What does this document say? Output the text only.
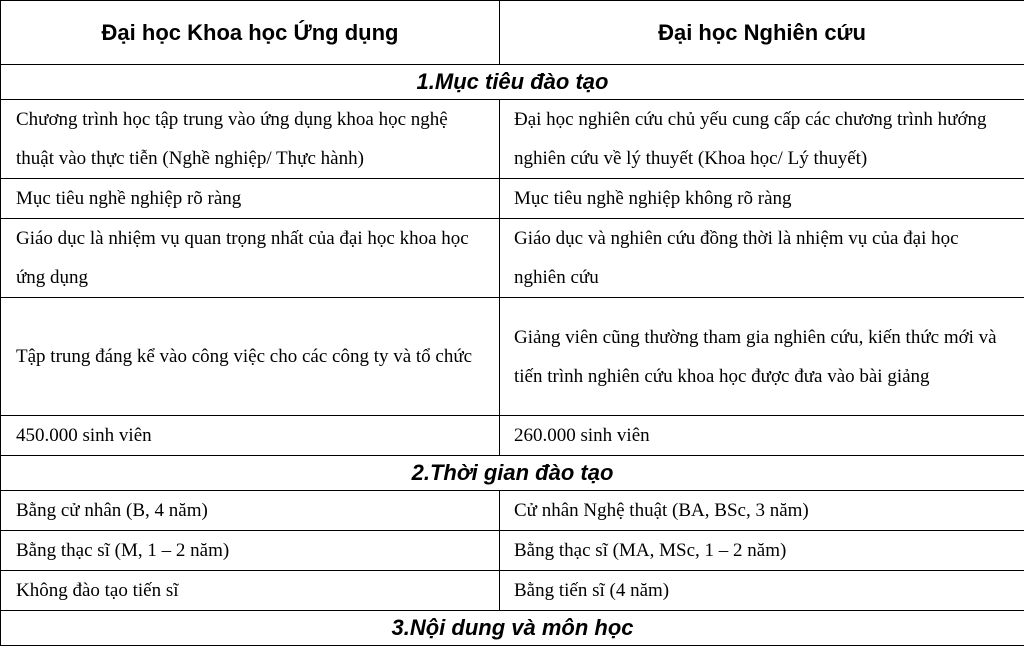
Đại học Khoa học Ứng dụng	Đại học Nghiên cứu
1.Mục tiêu đào tạo	
Chương trình học tập trung vào ứng dụng khoa học nghệ thuật vào thực tiễn (Nghề nghiệp/ Thực hành)	Đại học nghiên cứu chủ yếu cung cấp các chương trình hướng nghiên cứu về lý thuyết (Khoa học/ Lý thuyết)
Mục tiêu nghề nghiệp rõ ràng	Mục tiêu nghề nghiệp không rõ ràng
Giáo dục là nhiệm vụ quan trọng nhất của đại học khoa học ứng dụng	Giáo dục và nghiên cứu đồng thời là nhiệm vụ của đại học nghiên cứu
Tập trung đáng kể vào công việc cho các công ty và tổ chức	Giảng viên cũng thường tham gia nghiên cứu, kiến thức mới và tiến trình nghiên cứu khoa học được đưa vào bài giảng
450.000 sinh viên	260.000 sinh viên
2.Thời gian đào tạo	
Bằng cử nhân (B, 4 năm)	Cử nhân Nghệ thuật (BA, BSc, 3 năm)
Bằng thạc sĩ (M, 1 – 2 năm)	Bằng thạc sĩ (MA, MSc, 1 – 2 năm)
Không đào tạo tiến sĩ	Bằng tiến sĩ (4 năm)
3.Nội dung và môn học	
